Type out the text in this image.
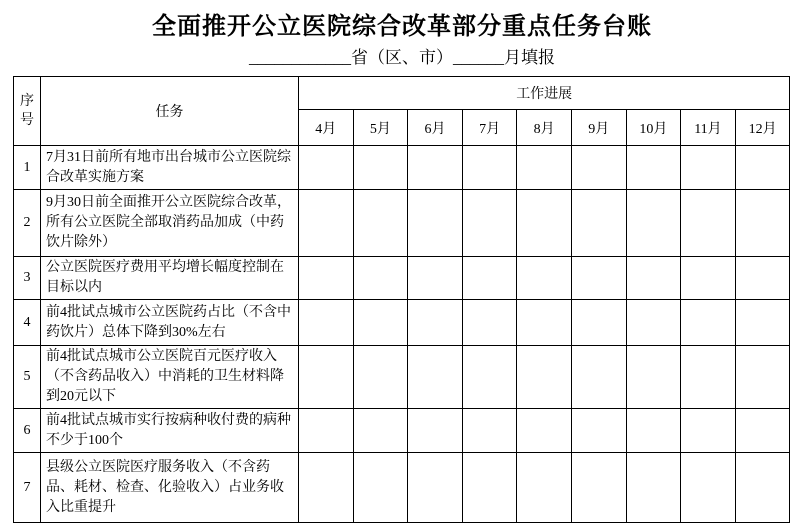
全面推开公立医院综合改革部分重点任务台账
____________省（区、市）______月填报
序号	任务	工作进展								
		4月	5月	6月	7月	8月	9月	10月	11月	12月
1	7月31日前所有地市出台城市公立医院综合改革实施方案									
2	9月30日前全面推开公立医院综合改革，所有公立医院全部取消药品加成（中药饮片除外）									
3	公立医院医疗费用平均增长幅度控制在目标以内									
4	前4批试点城市公立医院药占比（不含中药饮片）总体下降到30%左右									
5	前4批试点城市公立医院百元医疗收入（不含药品收入）中消耗的卫生材料降到20元以下									
6	前4批试点城市实行按病种收付费的病种不少于100个									
7	县级公立医院医疗服务收入（不含药品、耗材、检查、化验收入）占业务收入比重提升									
